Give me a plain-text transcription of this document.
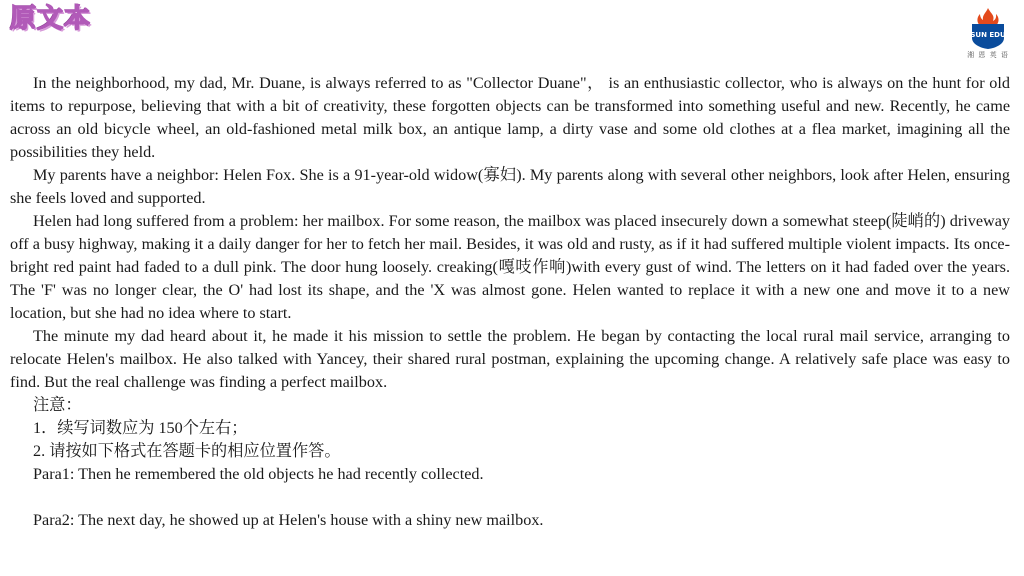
原文本
SUN EDU
湘 恩 英 语

In the neighborhood, my dad, Mr. Duane, is always referred to as "Collector Duane"， is an enthusiastic collector, who is always on the hunt for old items to repurpose, believing that with a bit of creativity, these forgotten objects can be transformed into something useful and new. Recently, he came across an old bicycle wheel, an old-fashioned metal milk box, an antique lamp, a dirty vase and some old clothes at a flea market, imagining all the possibilities they held.

My parents have a neighbor: Helen Fox. She is a 91-year-old widow(寡妇). My parents along with several other neighbors, look after Helen, ensuring she feels loved and supported.

Helen had long suffered from a problem: her mailbox. For some reason, the mailbox was placed insecurely down a somewhat steep(陡峭的) driveway off a busy highway, making it a daily danger for her to fetch her mail. Besides, it was old and rusty, as if it had suffered multiple violent impacts. Its once-bright red paint had faded to a dull pink. The door hung loosely. creaking(嘎吱作响)with every gust of wind. The letters on it had faded over the years. The 'F' was no longer clear, the O' had lost its shape, and the 'X was almost gone. Helen wanted to replace it with a new one and move it to a new location, but she had no idea where to start.

The minute my dad heard about it, he made it his mission to settle the problem. He began by contacting the local rural mail service, arranging to relocate Helen's mailbox. He also talked with Yancey, their shared rural postman, explaining the upcoming change. A relatively safe place was easy to find. But the real challenge was finding a perfect mailbox.

注意：

1．续写词数应为 150个左右；

2. 请按如下格式在答题卡的相应位置作答。

Para1: Then he remembered the old objects he had recently collected.

Para2: The next day, he showed up at Helen's house with a shiny new mailbox.
